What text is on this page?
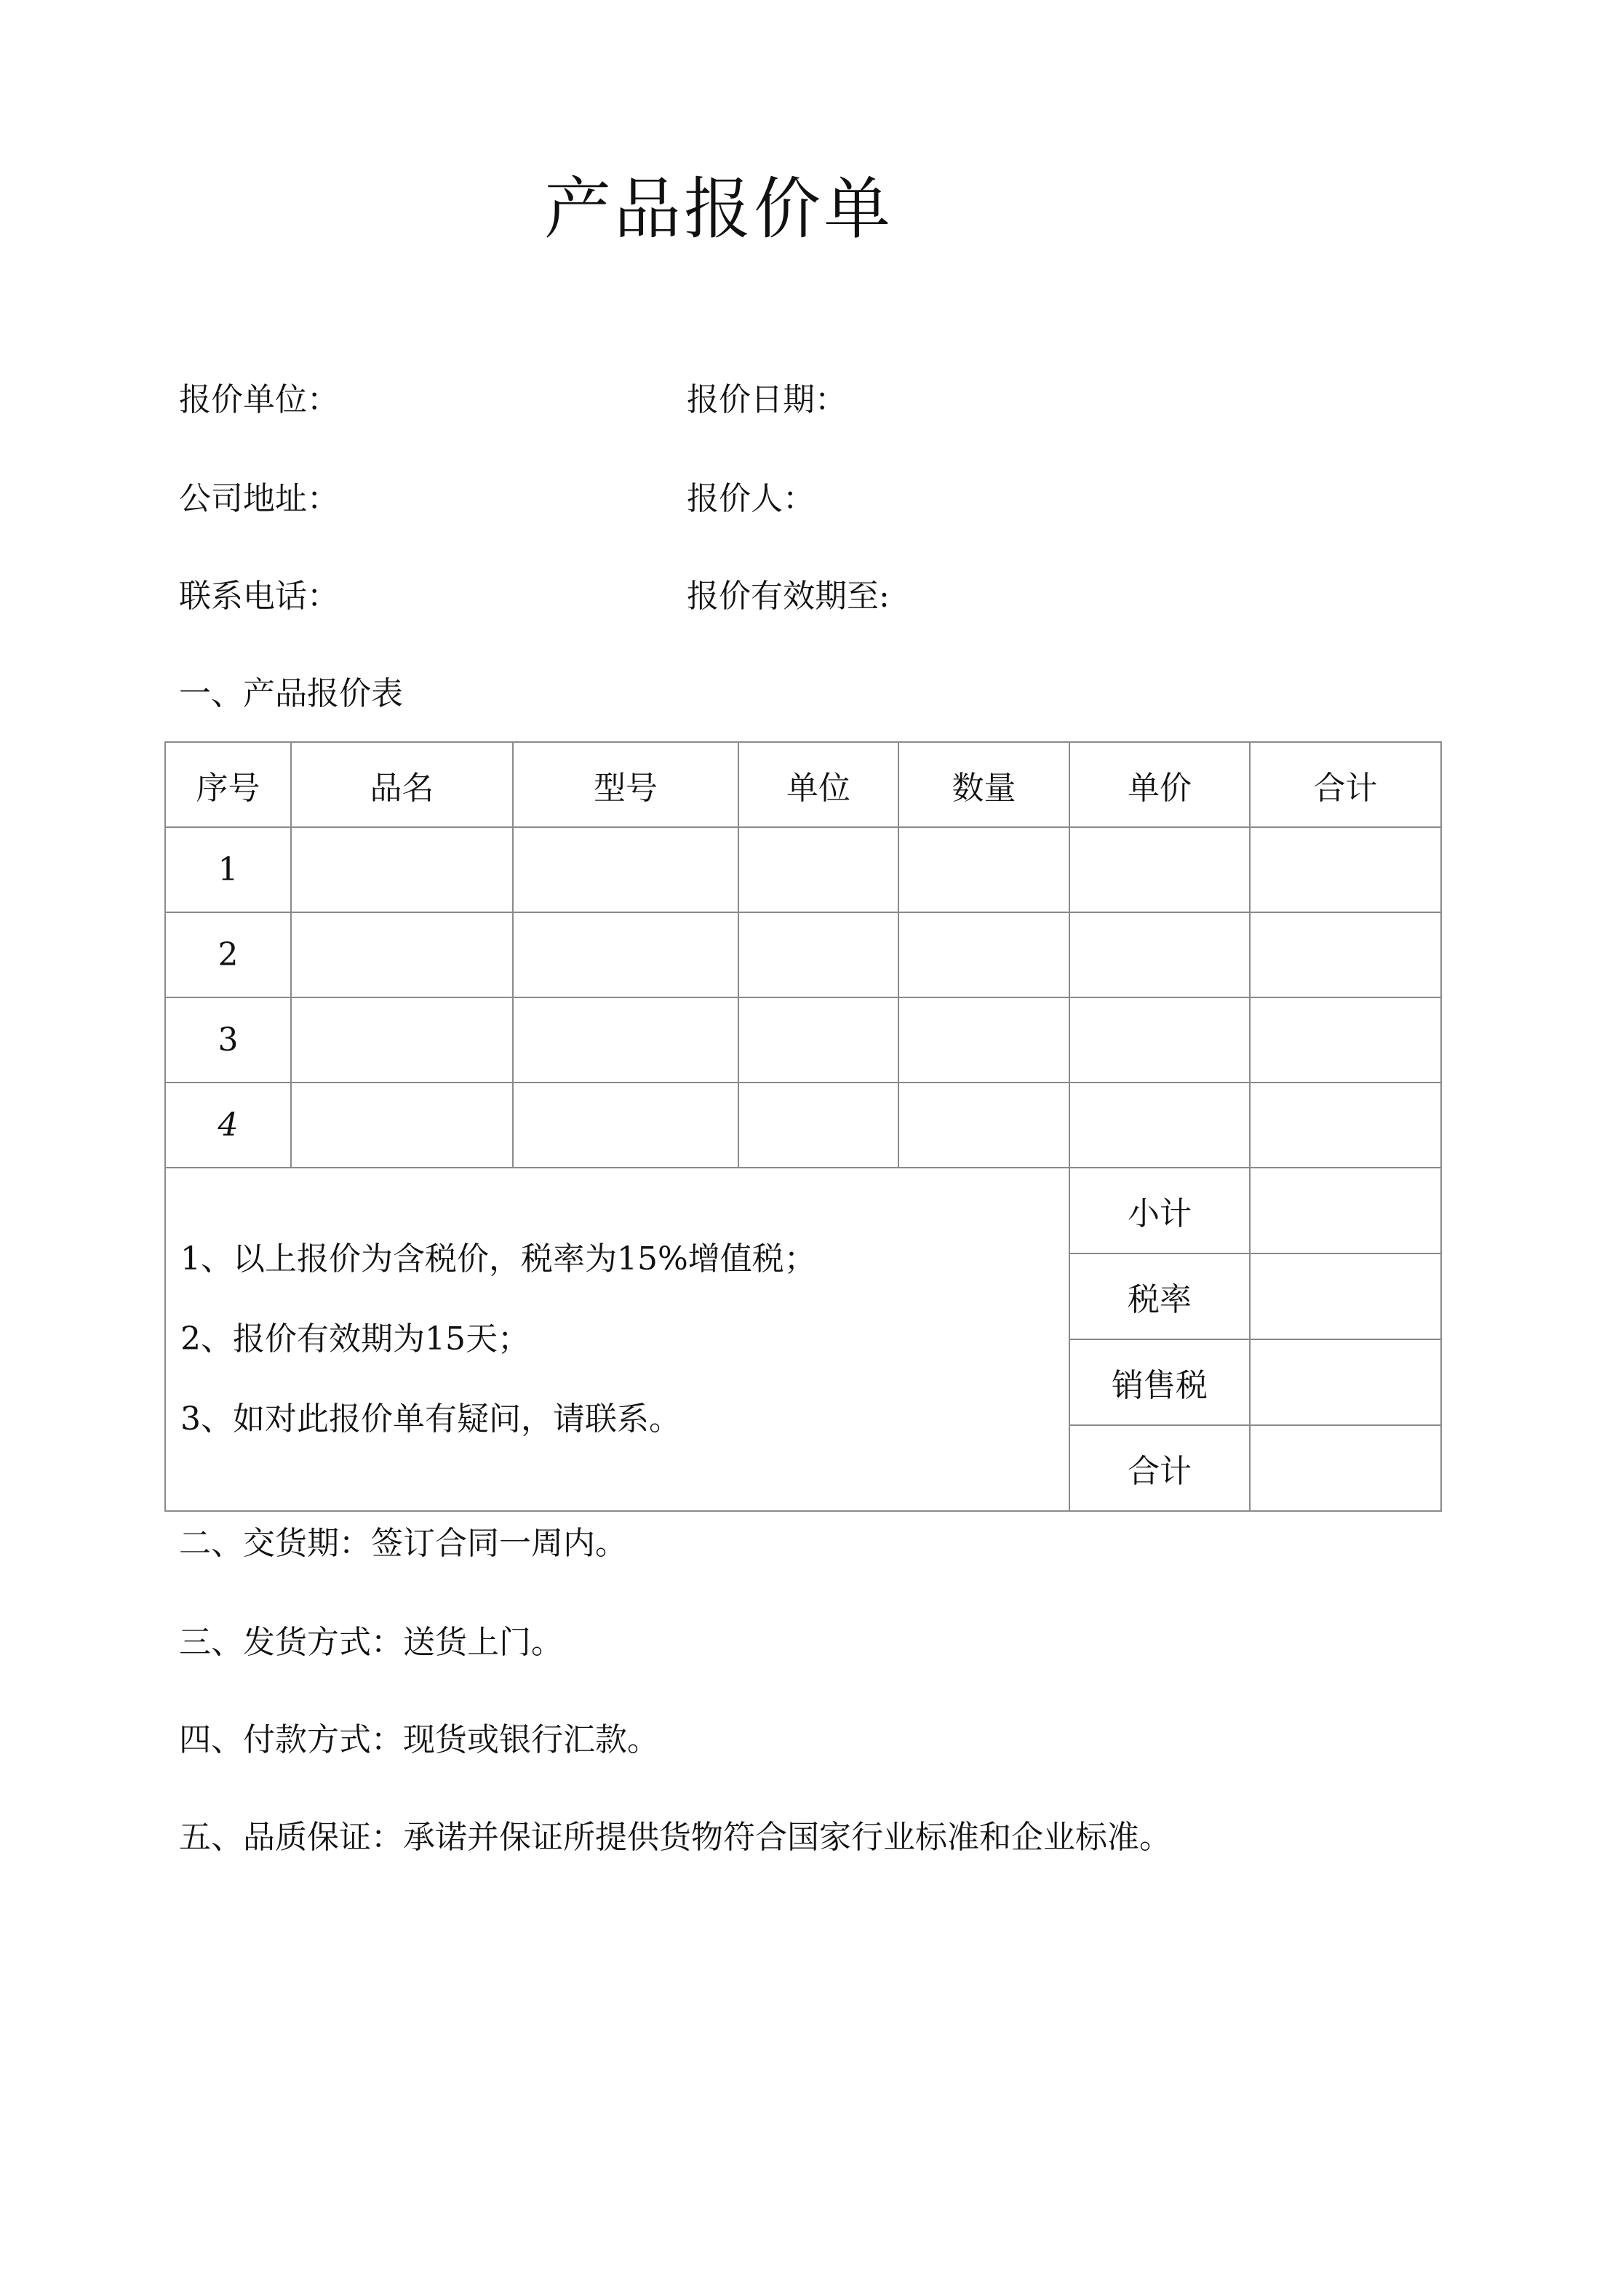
产品报价单
报价单位：	报价日期：
公司地址：	报价人：
联系电话：	报价有效期至:
一、产品报价表
序号	品名	型号	单位	数量	单价	合计
1						
2						
3						
4						

1、以上报价为含税价，税率为15%增值税；
2、报价有效期为15天；
3、如对此报价单有疑问，请联系。					小计	
					税率	
					销售税	
					合计	
二、交货期：签订合同一周内。
三、发货方式：送货上门。
四、付款方式：现货或银行汇款。
五、品质保证：承诺并保证所提供货物符合国家行业标准和企业标准。
